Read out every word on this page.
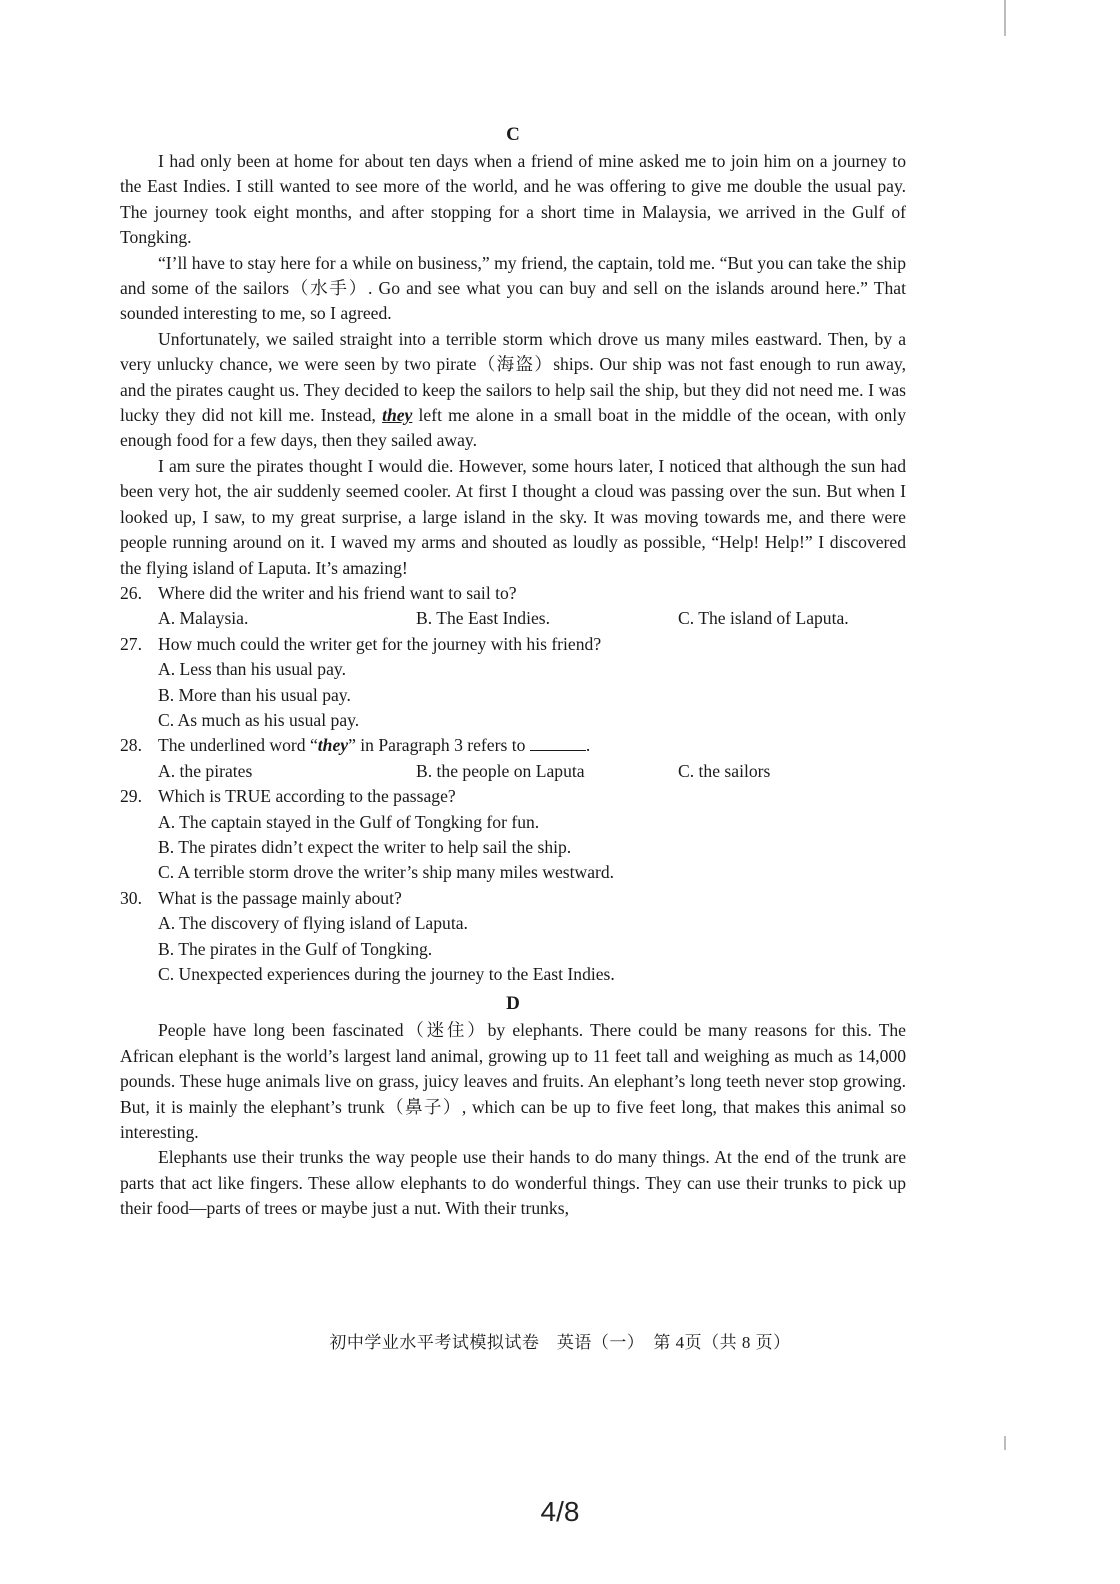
C

I had only been at home for about ten days when a friend of mine asked me to join him on a journey to the East Indies. I still wanted to see more of the world, and he was offering to give me double the usual pay. The journey took eight months, and after stopping for a short time in Malaysia, we arrived in the Gulf of Tongking.

“I’ll have to stay here for a while on business,” my friend, the captain, told me. “But you can take the ship and some of the sailors（水手）. Go and see what you can buy and sell on the islands around here.” That sounded interesting to me, so I agreed.

Unfortunately, we sailed straight into a terrible storm which drove us many miles eastward. Then, by a very unlucky chance, we were seen by two pirate（海盗）ships. Our ship was not fast enough to run away, and the pirates caught us. They decided to keep the sailors to help sail the ship, but they did not need me. I was lucky they did not kill me. Instead, they left me alone in a small boat in the middle of the ocean, with only enough food for a few days, then they sailed away.

I am sure the pirates thought I would die. However, some hours later, I noticed that although the sun had been very hot, the air suddenly seemed cooler. At first I thought a cloud was passing over the sun. But when I looked up, I saw, to my great surprise, a large island in the sky. It was moving towards me, and there were people running around on it. I waved my arms and shouted as loudly as possible, “Help! Help!” I discovered the flying island of Laputa. It’s amazing!

26. Where did the writer and his friend want to sail to?
A. Malaysia.	B. The East Indies.	C. The island of Laputa.
27. How much could the writer get for the journey with his friend?
A. Less than his usual pay.
B. More than his usual pay.
C. As much as his usual pay.
28. The underlined word “they” in Paragraph 3 refers to	.
A. the pirates	B. the people on Laputa	C. the sailors
29. Which is TRUE according to the passage?
A. The captain stayed in the Gulf of Tongking for fun.
B. The pirates didn’t expect the writer to help sail the ship.
C. A terrible storm drove the writer’s ship many miles westward.
30. What is the passage mainly about?
A. The discovery of flying island of Laputa.
B. The pirates in the Gulf of Tongking.
C. Unexpected experiences during the journey to the East Indies.
D

People have long been fascinated（迷住）by elephants. There could be many reasons for this. The African elephant is the world’s largest land animal, growing up to 11 feet tall and weighing as much as 14,000 pounds. These huge animals live on grass, juicy leaves and fruits. An elephant’s long teeth never stop growing. But, it is mainly the elephant’s trunk（鼻子）, which can be up to five feet long, that makes this animal so interesting.

Elephants use their trunks the way people use their hands to do many things. At the end of the trunk are parts that act like fingers. These allow elephants to do wonderful things. They can use their trunks to pick up their food—parts of trees or maybe just a nut. With their trunks,

初中学业水平考试模拟试卷　英语（一）　第 4页（共 8 页）
4/8
